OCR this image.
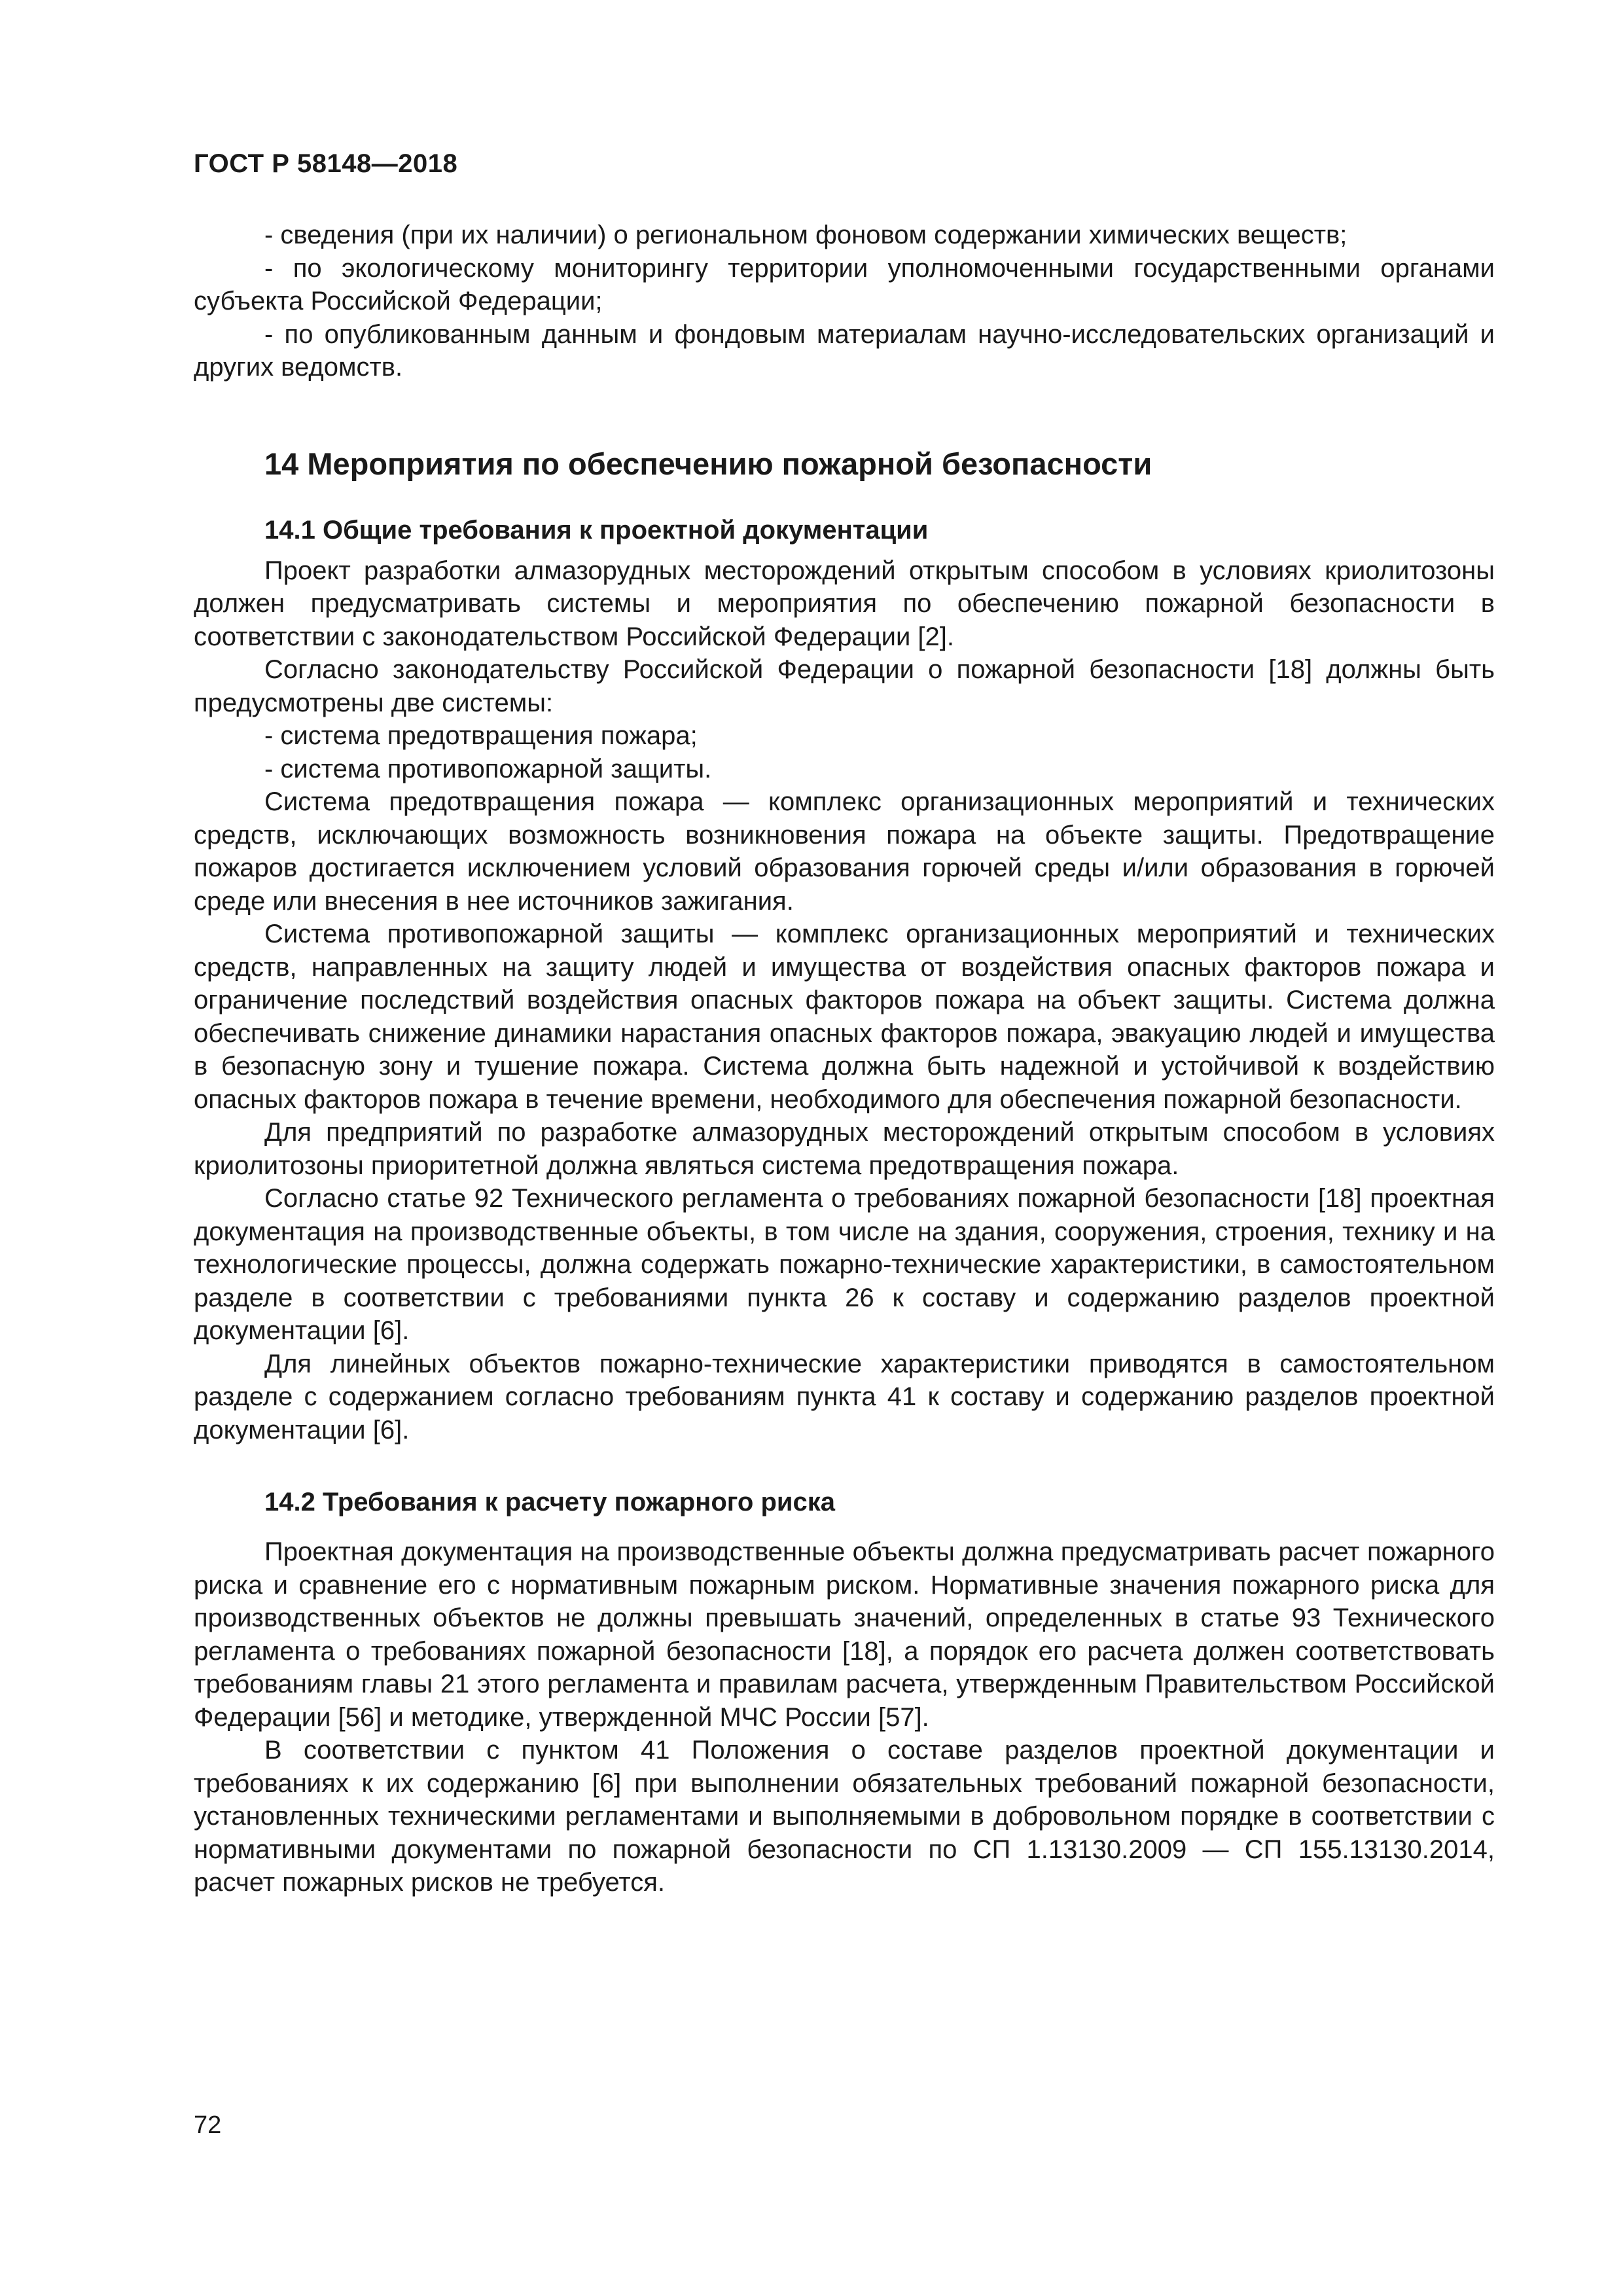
ГОСТ Р 58148—2018

- сведения (при их наличии) о региональном фоновом содержании химических веществ;

- по экологическому мониторингу территории уполномоченными государственными органами субъекта Российской Федерации;

- по опубликованным данным и фондовым материалам научно-исследовательских организаций и других ведомств.

14 Мероприятия по обеспечению пожарной безопасности
14.1 Общие требования к проектной документации

Проект разработки алмазорудных месторождений открытым способом в условиях криолитозоны должен предусматривать системы и мероприятия по обеспечению пожарной безопасности в соответствии с законодательством Российской Федерации [2].

Согласно законодательству Российской Федерации о пожарной безопасности [18] должны быть предусмотрены две системы:

- система предотвращения пожара;

- система противопожарной защиты.

Система предотвращения пожара — комплекс организационных мероприятий и технических средств, исключающих возможность возникновения пожара на объекте защиты. Предотвращение пожаров достигается исключением условий образования горючей среды и/или образования в горючей среде или внесения в нее источников зажигания.

Система противопожарной защиты — комплекс организационных мероприятий и технических средств, направленных на защиту людей и имущества от воздействия опасных факторов пожара и ограничение последствий воздействия опасных факторов пожара на объект защиты. Система должна обеспечивать снижение динамики нарастания опасных факторов пожара, эвакуацию людей и имущества в безопасную зону и тушение пожара. Система должна быть надежной и устойчивой к воздействию опасных факторов пожара в течение времени, необходимого для обеспечения пожарной безопасности.

Для предприятий по разработке алмазорудных месторождений открытым способом в условиях криолитозоны приоритетной должна являться система предотвращения пожара.

Согласно статье 92 Технического регламента о требованиях пожарной безопасности [18] проектная документация на производственные объекты, в том числе на здания, сооружения, строения, технику и на технологические процессы, должна содержать пожарно-технические характеристики, в самостоятельном разделе в соответствии с требованиями пункта 26 к составу и содержанию разделов проектной документации [6].

Для линейных объектов пожарно-технические характеристики приводятся в самостоятельном разделе с содержанием согласно требованиям пункта 41 к составу и содержанию разделов проектной документации [6].

14.2 Требования к расчету пожарного риска

Проектная документация на производственные объекты должна предусматривать расчет пожарного риска и сравнение его с нормативным пожарным риском. Нормативные значения пожарного риска для производственных объектов не должны превышать значений, определенных в статье 93 Технического регламента о требованиях пожарной безопасности [18], а порядок его расчета должен соответствовать требованиям главы 21 этого регламента и правилам расчета, утвержденным Правительством Российской Федерации [56] и методике, утвержденной МЧС России [57].

В соответствии с пунктом 41 Положения о составе разделов проектной документации и требованиях к их содержанию [6] при выполнении обязательных требований пожарной безопасности, установленных техническими регламентами и выполняемыми в добровольном порядке в соответствии с нормативными документами по пожарной безопасности по СП 1.13130.2009 — СП 155.13130.2014, расчет пожарных рисков не требуется.

72
